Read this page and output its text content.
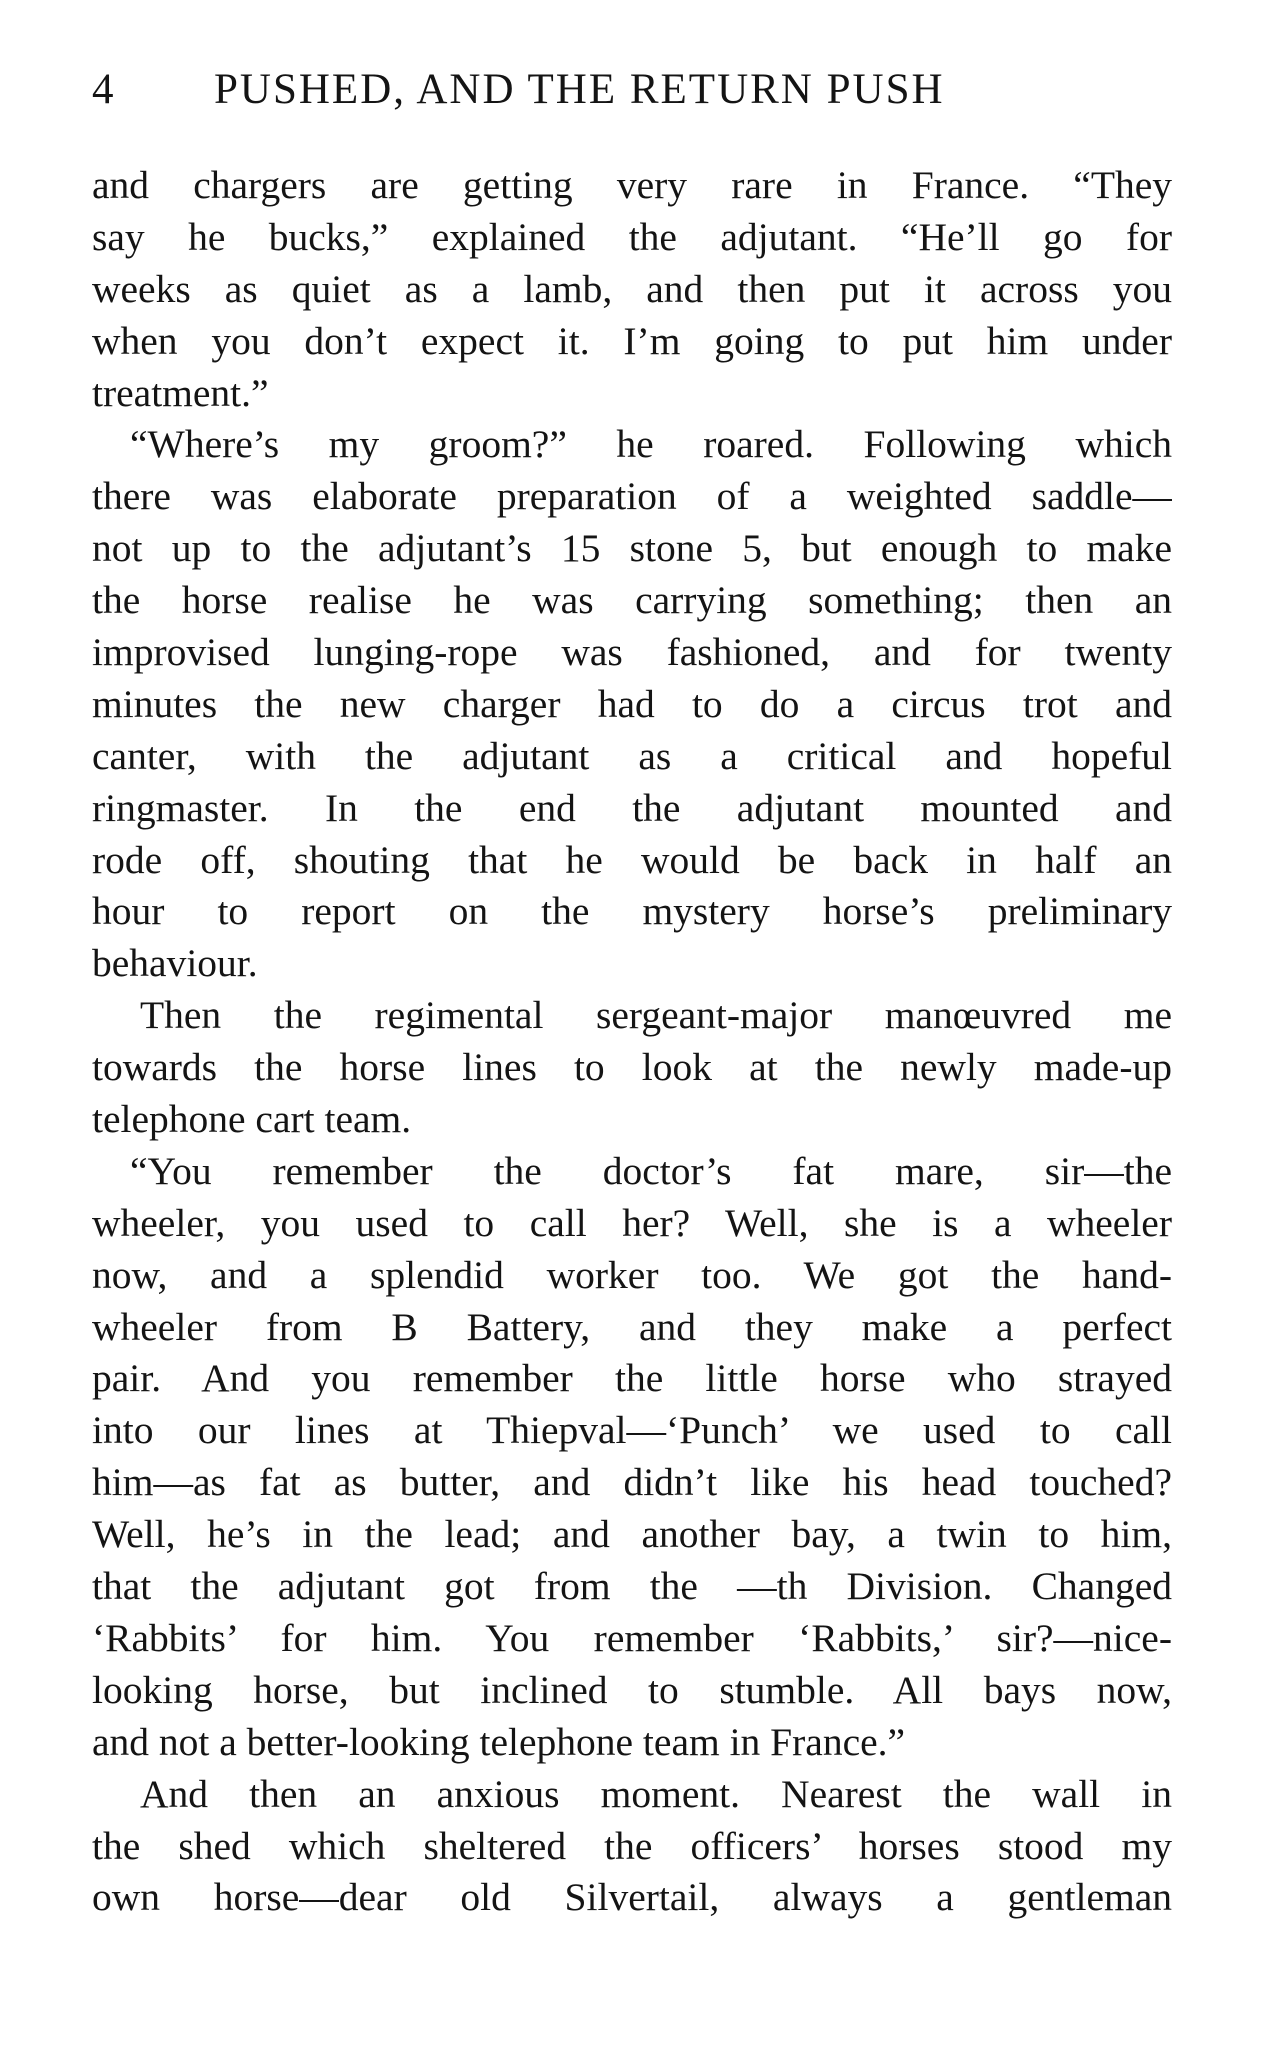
4 PUSHED, AND THE RETURN PUSH
and chargers are getting very rare in France. “They
say he bucks,” explained the adjutant. “He’ll go for
weeks as quiet as a lamb, and then put it across you
when you don’t expect it. I’m going to put him under
treatment.”
“Where’s my groom?” he roared. Following which
there was elaborate preparation of a weighted saddle—
not up to the adjutant’s 15 stone 5, but enough to make
the horse realise he was carrying something; then an
improvised lunging-rope was fashioned, and for twenty
minutes the new charger had to do a circus trot and
canter, with the adjutant as a critical and hopeful
ringmaster. In the end the adjutant mounted and
rode off, shouting that he would be back in half an
hour to report on the mystery horse’s preliminary
behaviour.
Then the regimental sergeant-major manœuvred me
towards the horse lines to look at the newly made-up
telephone cart team.
“You remember the doctor’s fat mare, sir—the
wheeler, you used to call her? Well, she is a wheeler
now, and a splendid worker too. We got the hand-
wheeler from B Battery, and they make a perfect
pair. And you remember the little horse who strayed
into our lines at Thiepval—‘Punch’ we used to call
him—as fat as butter, and didn’t like his head touched?
Well, he’s in the lead; and another bay, a twin to him,
that the adjutant got from the —th Division. Changed
‘Rabbits’ for him. You remember ‘Rabbits,’ sir?—nice-
looking horse, but inclined to stumble. All bays now,
and not a better-looking telephone team in France.”
And then an anxious moment. Nearest the wall in
the shed which sheltered the officers’ horses stood my
own horse—dear old Silvertail, always a gentleman
